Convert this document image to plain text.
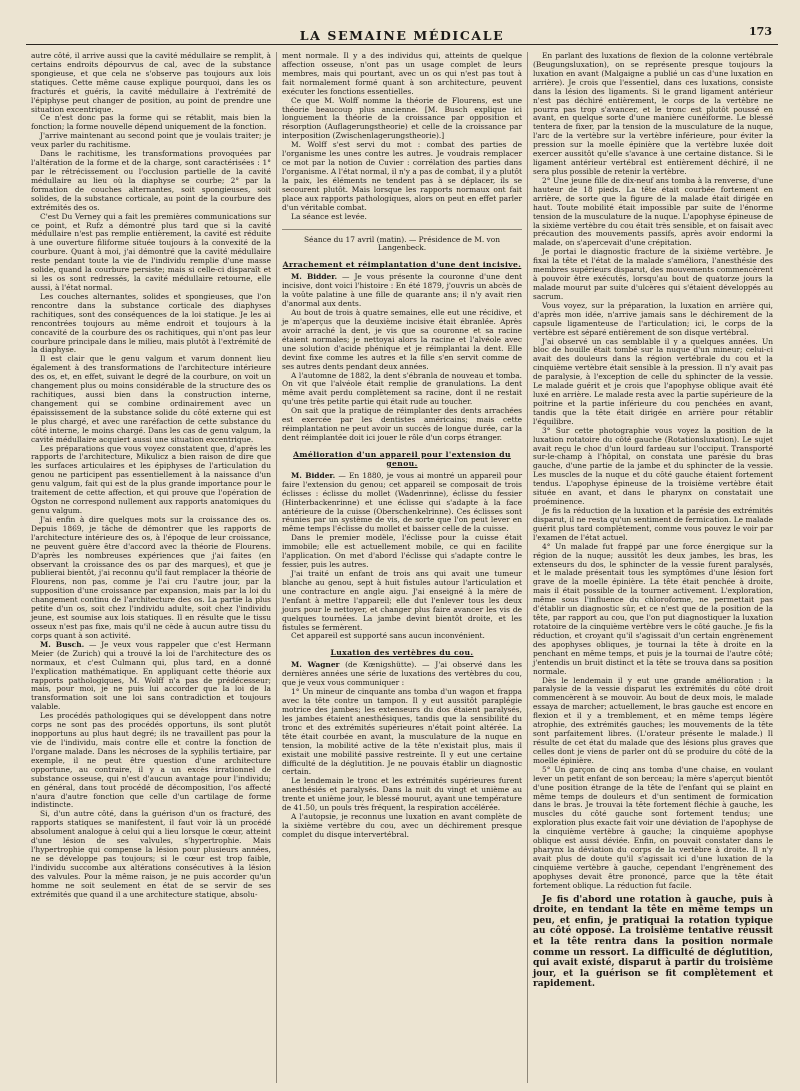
LA SEMAINE MÉDICALE	173

autre côté, il arrive aussi que la cavité médullaire se remplit, à certains endroits dépourvus de cal, avec de la substance spongieuse, et que cela ne s'observe pas toujours aux lois statiques. Cette même cause explique pourquoi, dans les os fracturés et guéris, la cavité médullaire à l'extrémité de l'épiphyse peut changer de position, au point de prendre une situation excentrique.

Ce n'est donc pas la forme qui se rétablit, mais bien la fonction; la forme nouvelle dépend uniquement de la fonction.

J'arrive maintenant au second point que je voulais traiter; je veux parler du rachitisme.

Dans le rachitisme, les transformations provoquées par l'altération de la forme et de la charge, sont caractérisées : 1° par le rétrécissement ou l'occlusion partielle de la cavité médullaire au lieu où la diaphyse se courbe; 2° par la formation de couches alternantes, soit spongieuses, soit solides, de la substance corticale, au point de la courbure des extrémités des os.

C'est Du Verney qui a fait les premières communications sur ce point, et Rufz a démontré plus tard que si la cavité médullaire n'est pas remplie entièrement, la cavité est réduite à une ouverture filiforme située toujours à la convexité de la courbure. Quant à moi, j'ai démontré que la cavité médullaire reste pendant toute la vie de l'individu remplie d'une masse solide, quand la courbure persiste; mais si celle-ci disparaît et si les os sont redressés, la cavité médullaire retourne, elle aussi, à l'état normal.

Les couches alternantes, solides et spongieuses, que l'on rencontre dans la substance corticale des diaphyses rachitiques, sont des conséquences de la loi statique. Je les ai rencontrées toujours au même endroit et toujours à la concavité de la courbure des os rachitiques, qui n'ont pas leur courbure principale dans le milieu, mais plutôt à l'extrémité de la diaphyse.

Il est clair que le genu valgum et varum donnent lieu également à des transformations de l'architecture intérieure des os, et, en effet, suivant le degré de la courbure, on voit un changement plus ou moins considérable de la structure des os rachitiques, aussi bien dans la construction interne, changement qui se combine ordinairement avec un épaississement de la substance solide du côté externe qui est le plus chargé, et avec une raréfaction de cette substance du côté interne, le moins chargé. Dans les cas de genu valgum, la cavité médullaire acquiert aussi une situation excentrique.

Les préparations que vous voyez constatent que, d'après les rapports de l'architecture, Mikulicz a bien raison de dire que les surfaces articulaires et les épiphyses de l'articulation du genou ne participent pas essentiellement à la naissance d'un genu valgum, fait qui est de la plus grande importance pour le traitement de cette affection, et qui prouve que l'opération de Ogston ne correspond nullement aux rapports anatomiques du genu valgum.

J'ai enfin à dire quelques mots sur la croissance des os. Depuis 1869, je tâche de démontrer que les rapports de l'architecture intérieure des os, à l'époque de leur croissance, ne peuvent guère être d'accord avec la théorie de Flourens. D'après les nombreuses expériences que j'ai faites (en observant la croissance des os par des marques), et que je publierai bientôt, j'ai reconnu qu'il faut remplacer la théorie de Flourens, non pas, comme je l'ai cru l'autre jour, par la supposition d'une croissance par expansion, mais par la loi du changement continu de l'architecture des os. La partie la plus petite d'un os, soit chez l'individu adulte, soit chez l'individu jeune, est soumise aux lois statiques. Il en résulte que le tissu osseux n'est pas fixe, mais qu'il ne cède à aucun autre tissu du corps quant à son activité.

M. Busch. — Je veux vous rappeler que c'est Hermann Meier (de Zurich) qui a trouvé la loi de l'architecture des os normaux, et c'est Culmann qui, plus tard, en a donné l'explication mathématique. En appliquant cette théorie aux rapports pathologiques, M. Wolff n'a pas de prédécesseur; mais, pour moi, je ne puis lui accorder que la loi de la transformation soit une loi sans contradiction et toujours valable.

Les procédés pathologiques qui se développent dans notre corps ne sont pas des procédés opportuns, ils sont plutôt inopportuns au plus haut degré; ils ne travaillent pas pour la vie de l'individu, mais contre elle et contre la fonction de l'organe malade. Dans les nécroses de la syphilis tertiaire, par exemple, il ne peut être question d'une architecture opportune, au contraire, il y a un excès irrationnel de substance osseuse, qui n'est d'aucun avantage pour l'individu; en général, dans tout procédé de décomposition, l'os affecté n'aura d'autre fonction que celle d'un cartilage de forme indistincte.

Si, d'un autre côté, dans la guérison d'un os fracturé, des rapports statiques se manifestent, il faut voir là un procédé absolument analogue à celui qui a lieu lorsque le cœur, atteint d'une lésion de ses valvules, s'hypertrophie. Mais l'hypertrophie qui compense la lésion pour plusieurs années, ne se développe pas toujours; si le cœur est trop faible, l'individu succombe aux altérations consécutives à la lésion des valvules. Pour la même raison, je ne puis accorder qu'un homme ne soit seulement en état de se servir de ses extrémités que quand il a une architecture statique, absolu-

ment normale. Il y a des individus qui, atteints de quelque affection osseuse, n'ont pas un usage complet de leurs membres, mais qui pourtant, avec un os qui n'est pas tout à fait normalement formé quant à son architecture, peuvent exécuter les fonctions essentielles.

Ce que M. Wolff nomme la théorie de Flourens, est une théorie beaucoup plus ancienne. [M. Busch explique ici longuement la théorie de la croissance par opposition et résorption (Auflagerungstheorie) et celle de la croissance par interposition (Zwischenlagerungstheorie).]

M. Wolff s'est servi du mot : combat des parties de l'organisme les unes contre les autres. Je voudrais remplacer ce mot par la notion de Cuvier : corrélation des parties dans l'organisme. A l'état normal, il n'y a pas de combat, il y a plutôt la paix, les éléments ne tendent pas à se déplacer, ils se secourent plutôt. Mais lorsque les rapports normaux ont fait place aux rapports pathologiques, alors on peut en effet parler d'un véritable combat.

La séance est levée.

Séance du 17 avril (matin). — Présidence de M. von Langenbeck.

Arrachement et réimplantation d'une dent incisive.

M. Bidder. — Je vous présente la couronne d'une dent incisive, dont voici l'histoire : En été 1879, j'ouvris un abcès de la voûte palatine à une fille de quarante ans; il n'y avait rien d'anormal aux dents.

Au bout de trois à quatre semaines, elle eut une récidive, et je m'aperçus que la deuxième incisive était ébranlée. Après avoir arraché la dent, je vis que sa couronne et sa racine étaient normales; je nettoyai alors la racine et l'alvéole avec une solution d'acide phénique et je réimplantai la dent. Elle devint fixe comme les autres et la fille s'en servit comme de ses autres dents pendant deux années.

A l'automne de 1882, la dent s'ébranla de nouveau et tomba. On vit que l'alvéole était remplie de granulations. La dent même avait perdu complètement sa racine, dont il ne restait qu'une très petite partie qui était rude au toucher.

On sait que la pratique de réimplanter des dents arrachées est exercée par les dentistes américains; mais cette réimplantation ne peut avoir un succès de longue durée, car la dent réimplantée doit ici jouer le rôle d'un corps étranger.

Amélioration d'un appareil pour l'extension du genou.

M. Bidder. — En 1880, je vous ai montré un appareil pour faire l'extension du genou; cet appareil se composait de trois éclisses : éclisse du mollet (Wadenrinne), éclisse du fessier (Hinterbackenrinne) et une éclisse qui s'adapte à la face antérieure de la cuisse (Oberschenkelrinne). Ces éclisses sont réunies par un système de vis, de sorte que l'on peut lever en même temps l'éclisse du mollet et baisser celle de la cuisse.

Dans le premier modèle, l'éclisse pour la cuisse était immobile; elle est actuellement mobile, ce qui en facilite l'application. On met d'abord l'éclisse qui s'adapte contre le fessier, puis les autres.

J'ai traité un enfant de trois ans qui avait une tumeur blanche au genou, sept à huit fistules autour l'articulation et une contracture en angle aigu. J'ai enseigné à la mère de l'enfant à mettre l'appareil; elle dut l'enlever tous les deux jours pour le nettoyer, et changer plus faire avancer les vis de quelques tournées. La jambe devint bientôt droite, et les fistules se fermèrent.

Cet appareil est supporté sans aucun inconvénient.

Luxation des vertèbres du cou.

M. Wagner (de Kœnigshütte). — J'ai observé dans les dernières années une série de luxations des vertèbres du cou, que je veux vous communiquer :

1° Un mineur de cinquante ans tomba d'un wagon et frappa avec la tête contre un tampon. Il y eut aussitôt paraplégie motrice des jambes; les extenseurs du dos étaient paralysés, les jambes étaient anesthésiques, tandis que la sensibilité du tronc et des extrémités supérieures n'était point altérée. La tête était courbée en avant, la musculature de la nuque en tension, la mobilité active de la tête n'existait plus, mais il existait une mobilité passive restreinte. Il y eut une certaine difficulté de la déglutition. Je ne pouvais établir un diagnostic certain.

Le lendemain le tronc et les extrémités supérieures furent anesthésiés et paralysés. Dans la nuit du vingt et unième au trente et unième jour, le blessé mourut, ayant une température de 41.50, un pouls très fréquent, la respiration accélérée.

A l'autopsie, je reconnus une luxation en avant complète de la sixième vertèbre du cou, avec un déchirement presque complet du disque intervertébral.

En parlant des luxations de flexion de la colonne vertébrale (Beugungsluxation), on se représente presque toujours la luxation en avant (Malgaigne a publié un cas d'une luxation en arrière). Je crois que l'essentiel, dans ces luxations, consiste dans la lésion des ligaments. Si le grand ligament antérieur n'est pas déchiré entièrement, le corps de la vertèbre ne pourra pas trop s'avancer, et le tronc est plutôt poussé en avant, en quelque sorte d'une manière cunéiforme. Le blessé tentera de fixer, par la tension de la musculature de la nuque, l'arc de la vertèbre sur la vertèbre inférieure, pour éviter la pression sur la moelle épinière que la vertèbre luxée doit exercer aussitôt qu'elle s'avance à une certaine distance. Si le ligament antérieur vertébral est entièrement déchiré, il ne sera plus possible de retenir la vertèbre.

2° Une jeune fille de dix-neuf ans tomba à la renverse, d'une hauteur de 18 pieds. La tête était courbée fortement en arrière, de sorte que la figure de la malade était dirigée en haut. Toute mobilité était impossible par suite de l'énorme tension de la musculature de la nuque. L'apophyse épineuse de la sixième vertèbre du cou était très sensible, et on faisait avec précaution des mouvements passifs, après avoir endormi la malade, on s'apercevait d'une crépitation.

Je portai le diagnostic fracture de la sixième vertèbre. Je fixai la tête et l'état de la malade s'améliora, l'anesthésie des membres supérieurs disparut, des mouvements commencèrent à pouvoir être exécutés, lorsqu'au bout de quatorze jours la malade mourut par suite d'ulcères qui s'étaient développés au sacrum.

Vous voyez, sur la préparation, la luxation en arrière qui, d'après mon idée, n'arrive jamais sans le déchirement de la capsule ligamenteuse de l'articulation; ici, le corps de la vertèbre est séparé entièrement de son disque vertébral.

J'ai observé un cas semblable il y a quelques années. Un bloc de houille était tombé sur la nuque d'un mineur; celui-ci avait des douleurs dans la région vertébrale du cou et la cinquième vertèbre était sensible à la pression. Il n'y avait pas de paralysie, à l'exception de celle du sphincter de la vessie. Le malade guérit et je crois que l'apophyse oblique avait été luxé en arrière. Le malade resta avec la partie supérieure de la poitrine et la partie inférieure du cou penchées en avant, tandis que la tête était dirigée en arrière pour rétablir l'équilibre.

3° Sur cette photographie vous voyez la position de la luxation rotatoire du côté gauche (Rotationsluxation). Le sujet avait reçu le choc d'un lourd fardeau sur l'occiput. Transporté sur-le-champ à l'hôpital, on constata une parésie du bras gauche, d'une partie de la jambe et du sphincter de la vessie. Les muscles de la nuque et du côté gauche étaient fortement tendus. L'apophyse épineuse de la troisième vertèbre était située en avant, et dans le pharynx on constatait une proéminence.

Je fis la réduction de la luxation et la parésie des extrémités disparut, il ne resta qu'un sentiment de fermication. Le malade guérit plus tard complètement, comme vous pouvez le voir par l'examen de l'état actuel.

4° Un malade fut frappé par une force énergique sur la région de la nuque; aussitôt les deux jambes, les bras, les extenseurs du dos, le sphincter de la vessie furent paralysés, et le malade présentait tous les symptômes d'une lésion fort grave de la moelle épinière. La tête était penchée à droite, mais il était possible de la tourner activement. L'exploration, même sous l'influence du chloroforme, ne permettait pas d'établir un diagnostic sûr, et ce n'est que de la position de la tête, par rapport au cou, que l'on put diagnostiquer la luxation rotatoire de la cinquième vertèbre vers le côté gauche. Je fis la réduction, et croyant qu'il s'agissait d'un certain engrènement des apophyses obliques, je tournai la tête à droite en la penchant en même temps, et puis je la tournai de l'autre côté; j'entendis un bruit distinct et la tête se trouva dans sa position normale.

Dès le lendemain il y eut une grande amélioration : la paralysie de la vessie disparut les extrémités du côté droit commencèrent à se mouvoir. Au bout de deux mois, le malade essaya de marcher; actuellement, le bras gauche est encore en flexion et il y a tremblement, et en même temps légère atrophie, des extrémités gauches; les mouvements de la tête sont parfaitement libres. (L'orateur présente le malade.) Il résulte de cet état du malade que des lésions plus graves que celles dont je viens de parler ont dû se produire du côté de la moelle épinière.

5° Un garçon de cinq ans tomba d'une chaise, en voulant lever un petit enfant de son berceau; la mère s'aperçut bientôt d'une position étrange de la tête de l'enfant qui se plaint en même temps de douleurs et d'un sentiment de formication dans le bras. Je trouvai la tête fortement fléchie à gauche, les muscles du côté gauche sont fortement tendus; une exploration plus exacte fait voir une déviation de l'apophyse de la cinquième vertèbre à gauche; la cinquième apophyse oblique est aussi déviée. Enfin, on pouvait constater dans le pharynx la déviation du corps de la vertèbre à droite. Il n'y avait plus de doute qu'il s'agissait ici d'une luxation de la cinquième vertèbre à gauche, cependant l'engrènement des apophyses devait être prononcé, parce que la tête était fortement oblique. La réduction fut facile.

Je fis d'abord une rotation à gauche, puis à droite, en tendant la tête en même temps un peu, et enfin, je pratiquai la rotation typique au côté opposé. La troisième tentative réussit et la tête rentra dans la position normale comme un ressort. La difficulté de déglutition, qui avait existé, disparut à partir du troisième jour, et la guérison se fit complètement et rapidement.
